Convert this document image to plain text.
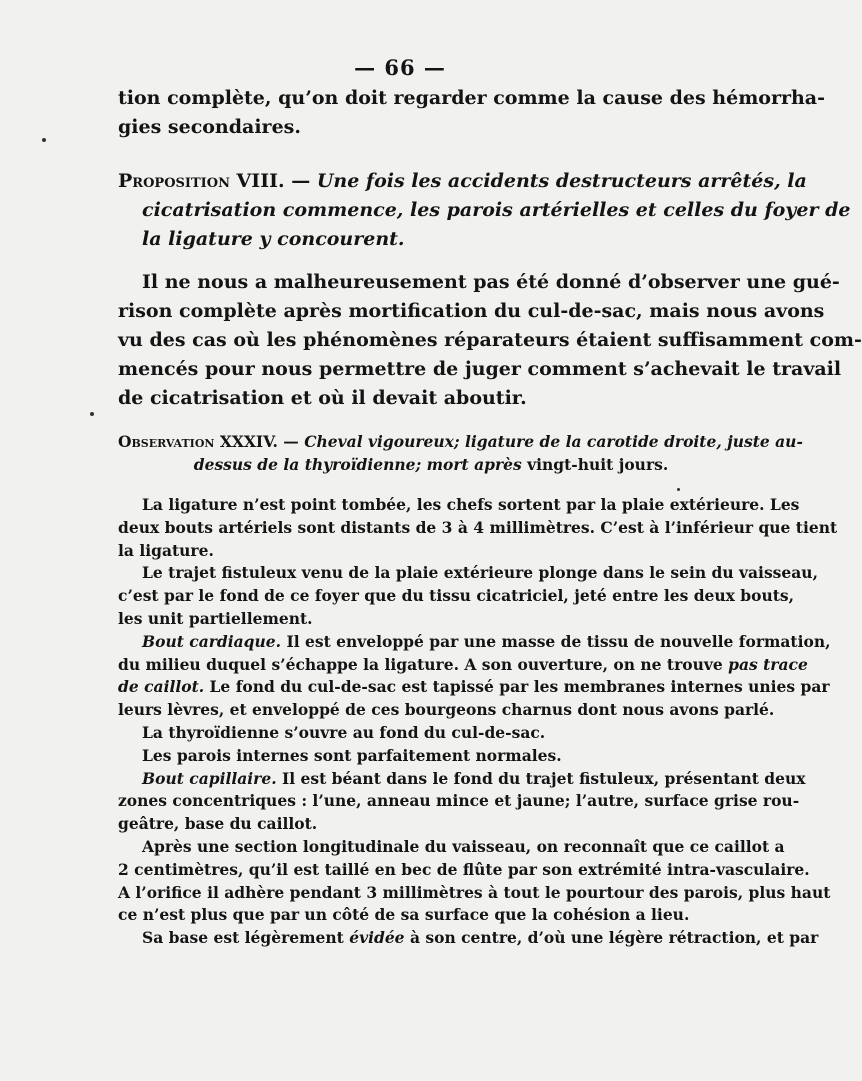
— 66 —
tion complète, qu’on doit regarder comme la cause des hémorrha-
gies secondaires.
Proposition VIII. — Une fois les accidents destructeurs arrêtés, la
cicatrisation commence, les parois artérielles et celles du foyer de
la ligature y concourent.
Il ne nous a malheureusement pas été donné d’observer une gué-
rison complète après mortification du cul-de-sac, mais nous avons
vu des cas où les phénomènes réparateurs étaient suffisamment com-
mencés pour nous permettre de juger comment s’achevait le travail
de cicatrisation et où il devait aboutir.
Observation XXXIV. — Cheval vigoureux; ligature de la carotide droite, juste au-
dessus de la thyroïdienne; mort après vingt-huit jours.
La ligature n’est point tombée, les chefs sortent par la plaie extérieure. Les
deux bouts artériels sont distants de 3 à 4 millimètres. C’est à l’inférieur que tient
la ligature.
Le trajet fistuleux venu de la plaie extérieure plonge dans le sein du vaisseau,
c’est par le fond de ce foyer que du tissu cicatriciel, jeté entre les deux bouts,
les unit partiellement.
Bout cardiaque. Il est enveloppé par une masse de tissu de nouvelle formation,
du milieu duquel s’échappe la ligature. A son ouverture, on ne trouve pas trace
de caillot. Le fond du cul-de-sac est tapissé par les membranes internes unies par
leurs lèvres, et enveloppé de ces bourgeons charnus dont nous avons parlé.
La thyroïdienne s’ouvre au fond du cul-de-sac.
Les parois internes sont parfaitement normales.
Bout capillaire. Il est béant dans le fond du trajet fistuleux, présentant deux
zones concentriques : l’une, anneau mince et jaune; l’autre, surface grise rou-
geâtre, base du caillot.
Après une section longitudinale du vaisseau, on reconnaît que ce caillot a
2 centimètres, qu’il est taillé en bec de flûte par son extrémité intra-vasculaire.
A l’orifice il adhère pendant 3 millimètres à tout le pourtour des parois, plus haut
ce n’est plus que par un côté de sa surface que la cohésion a lieu.
Sa base est légèrement évidée à son centre, d’où une légère rétraction, et par
